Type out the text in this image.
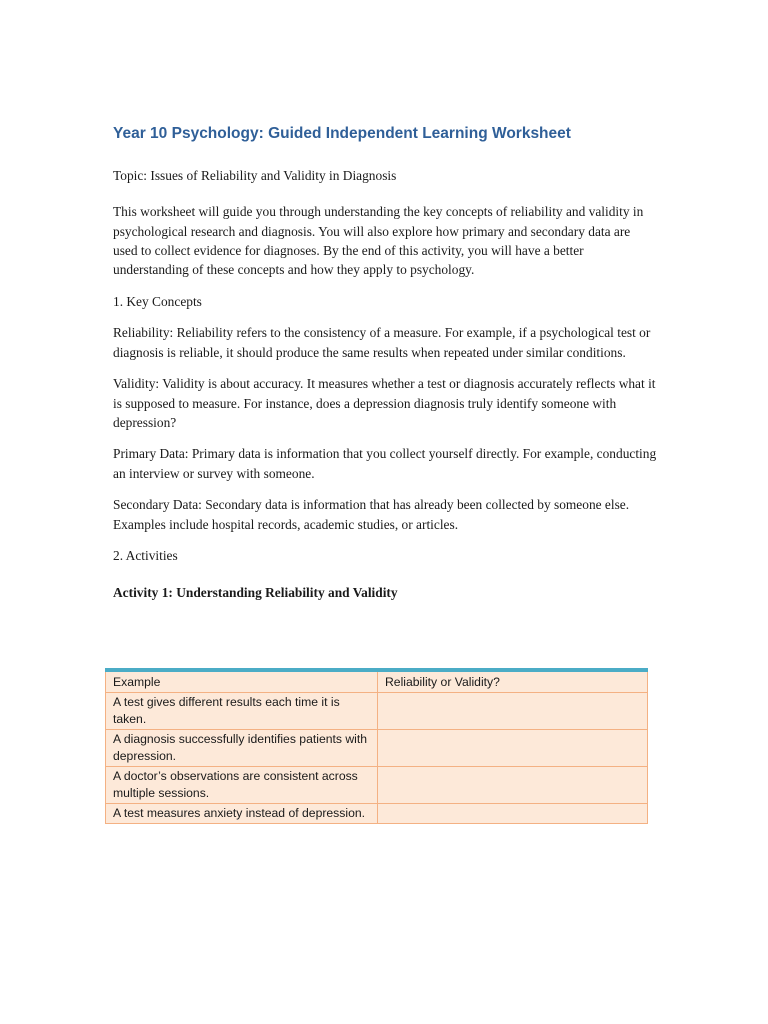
Year 10 Psychology: Guided Independent Learning Worksheet
Topic: Issues of Reliability and Validity in Diagnosis

This worksheet will guide you through understanding the key concepts of reliability and validity in psychological research and diagnosis. You will also explore how primary and secondary data are used to collect evidence for diagnoses. By the end of this activity, you will have a better understanding of these concepts and how they apply to psychology.

1. Key Concepts

Reliability: Reliability refers to the consistency of a measure. For example, if a psychological test or diagnosis is reliable, it should produce the same results when repeated under similar conditions.

Validity: Validity is about accuracy. It measures whether a test or diagnosis accurately reflects what it is supposed to measure. For instance, does a depression diagnosis truly identify someone with depression?

Primary Data: Primary data is information that you collect yourself directly. For example, conducting an interview or survey with someone.

Secondary Data: Secondary data is information that has already been collected by someone else. Examples include hospital records, academic studies, or articles.

2. Activities

Activity 1: Understanding Reliability and Validity

Example	Reliability or Validity?
A test gives different results each time it is taken.	
A diagnosis successfully identifies patients with depression.	
A doctor’s observations are consistent across multiple sessions.	
A test measures anxiety instead of depression.	
